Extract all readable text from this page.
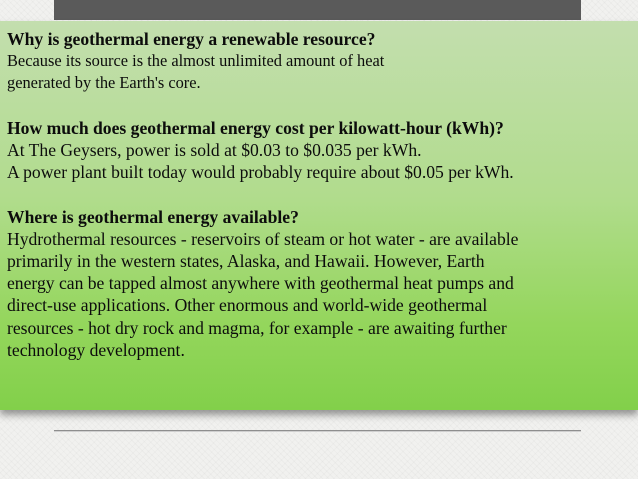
Why is geothermal energy a renewable resource?
Because its source is the almost unlimited amount of heat
generated by the Earth's core.
How much does geothermal energy cost per kilowatt-hour (kWh)?
At The Geysers, power is sold at $0.03 to $0.035 per kWh.
A power plant built today would probably require about $0.05 per kWh.
Where is geothermal energy available?
Hydrothermal resources - reservoirs of steam or hot water - are available
primarily in the western states, Alaska, and Hawaii. However, Earth
energy can be tapped almost anywhere with geothermal heat pumps and
direct-use applications. Other enormous and world-wide geothermal
resources - hot dry rock and magma, for example - are awaiting further
technology development.
